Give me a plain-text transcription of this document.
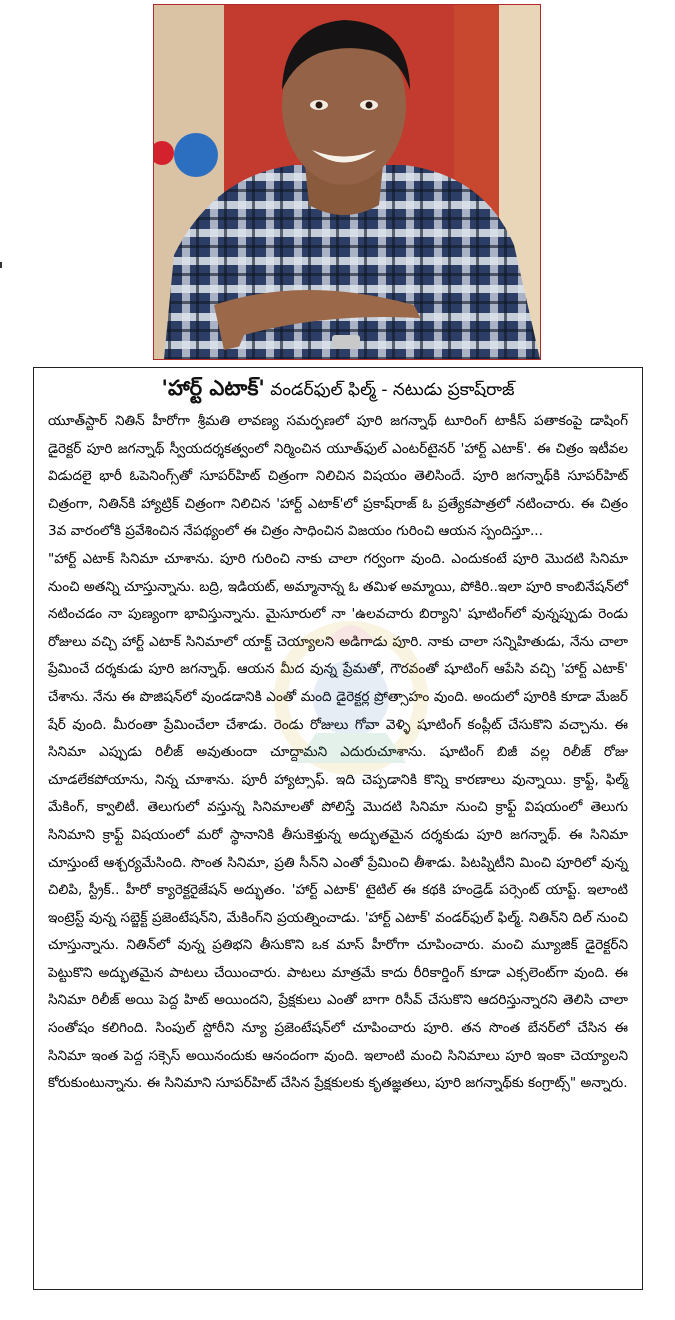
'హార్ట్ ఎటాక్' వండర్‌ఫుల్ ఫిల్మ్ - నటుడు ప్రకాష్‌రాజ్

యూత్‌స్టార్ నితిన్ హీరోగా శ్రీమతి లావణ్య సమర్పణలో పూరి జగన్నాథ్ టూరింగ్ టాకీస్ పతాకంపై డాషింగ్ డైరెక్టర్ పూరి జగన్నాథ్ స్వీయదర్శకత్వంలో నిర్మించిన యూత్‌ఫుల్ ఎంటర్‌టైనర్ 'హార్ట్ ఎటాక్'. ఈ చిత్రం ఇటీవల విడుదలై భారీ ఓపెనింగ్స్‌తో సూపర్‌హిట్ చిత్రంగా నిలిచిన విషయం తెలిసిందే. పూరి జగన్నాథ్‌కి సూపర్‌హిట్ చిత్రంగా, నితిన్‌కి హ్యాట్రిక్ చిత్రంగా నిలిచిన 'హార్ట్ ఎటాక్'లో ప్రకాష్‌రాజ్ ఓ ప్రత్యేకపాత్రలో నటించారు. ఈ చిత్రం 3వ వారంలోకి ప్రవేశించిన నేపథ్యంలో ఈ చిత్రం సాధించిన విజయం గురించి ఆయన స్పందిస్తూ...

"హార్ట్ ఎటాక్ సినిమా చూశాను. పూరి గురించి నాకు చాలా గర్వంగా వుంది. ఎందుకంటే పూరి మొదటి సినిమా నుంచి అతన్ని చూస్తున్నాను. బద్రి, ఇడియట్, అమ్మానాన్న ఓ తమిళ అమ్మాయి, పోకిరి..ఇలా పూరి కాంబినేషన్‌లో నటించడం నా పుణ్యంగా భావిస్తున్నాను. మైసూరులో నా 'ఉలవచారు బిర్యాని' షూటింగ్‌లో వున్నప్పుడు రెండు రోజులు వచ్చి హార్ట్ ఎటాక్ సినిమాలో యాక్ట్ చెయ్యాలని అడిగాడు పూరి. నాకు చాలా సన్నిహితుడు, నేను చాలా ప్రేమించే దర్శకుడు పూరి జగన్నాథ్. ఆయన మీద వున్న ప్రేమతో, గౌరవంతో షూటింగ్ ఆపేసి వచ్చి 'హార్ట్ ఎటాక్' చేశాను. నేను ఈ పొజిషన్‌లో వుండడానికి ఎంతో మంది డైరెక్టర్ల ప్రోత్సాహం వుంది. అందులో పూరికి కూడా మేజర్ షేర్ వుంది. మీరంతా ప్రేమించేలా చేశాడు. రెండు రోజులు గోవా వెళ్ళి షూటింగ్ కంప్లీట్ చేసుకొని వచ్చాను. ఈ సినిమా ఎప్పుడు రిలీజ్ అవుతుందా చూద్దామని ఎదురుచూశాను. షూటింగ్ బిజీ వల్ల రిలీజ్ రోజు చూడలేకపోయాను, నిన్న చూశాను. పూరీ హ్యాట్సాఫ్. ఇది చెప్పడానికి కొన్ని కారణాలు వున్నాయి. క్రాఫ్ట్, ఫిల్మ్ మేకింగ్, క్వాలిటీ. తెలుగులో వస్తున్న సినిమాలతో పోలిస్తే మొదటి సినిమా నుంచి క్రాఫ్ట్ విషయంలో తెలుగు సినిమాని క్రాఫ్ట్ విషయంలో మరో స్థానానికి తీసుకెళ్తున్న అద్భుతమైన దర్శకుడు పూరి జగన్నాథ్. ఈ సినిమా చూస్తుంటే ఆశ్చర్యమేసింది. సొంత సినిమా, ప్రతి సీన్‌ని ఎంతో ప్రేమించి తీశాడు. పిటప్నిటీని మించి పూరిలో వున్న చిలిపి, స్ట్రీక్.. హీరో క్యారెక్టరైజేషన్ అద్భుతం. 'హార్ట్ ఎటాక్' టైటిల్ ఈ కథకి హండ్రెడ్ పర్సెంట్ యాప్ట్. ఇలాంటి ఇంట్రెస్ట్ వున్న సబ్జెక్ట్ ప్రజెంటేషన్‌ని, మేకింగ్‌ని ప్రయత్నించాడు. 'హార్ట్ ఎటాక్' వండర్‌ఫుల్ ఫిల్మ్. నితిన్‌ని దిల్ నుంచి చూస్తున్నాను. నితిన్‌లో వున్న ప్రతిభని తీసుకొని ఒక మాస్ హీరోగా చూపించారు. మంచి మ్యూజిక్ డైరెక్టర్‌ని పెట్టుకొని అద్భుతమైన పాటలు చేయించారు. పాటలు మాత్రమే కాదు రీరికార్డింగ్ కూడా ఎక్సలెంట్‌గా వుంది. ఈ సినిమా రిలీజ్ అయి పెద్ద హిట్ అయిందని, ప్రేక్షకులు ఎంతో బాగా రిసీవ్ చేసుకొని ఆదరిస్తున్నారని తెలిసి చాలా సంతోషం కలిగింది. సింపుల్ స్టోరీని న్యూ ప్రజెంటేషన్‌లో చూపించారు పూరి. తన సొంత బేనర్‌లో చేసిన ఈ సినిమా ఇంత పెద్ద సక్సెస్ అయినందుకు ఆనందంగా వుంది. ఇలాంటి మంచి సినిమాలు పూరి ఇంకా చెయ్యాలని కోరుకుంటున్నాను. ఈ సినిమాని సూపర్‌హిట్ చేసిన ప్రేక్షకులకు కృతజ్ఞతలు, పూరి జగన్నాథ్‌కు కంగ్రాట్స్" అన్నారు.
